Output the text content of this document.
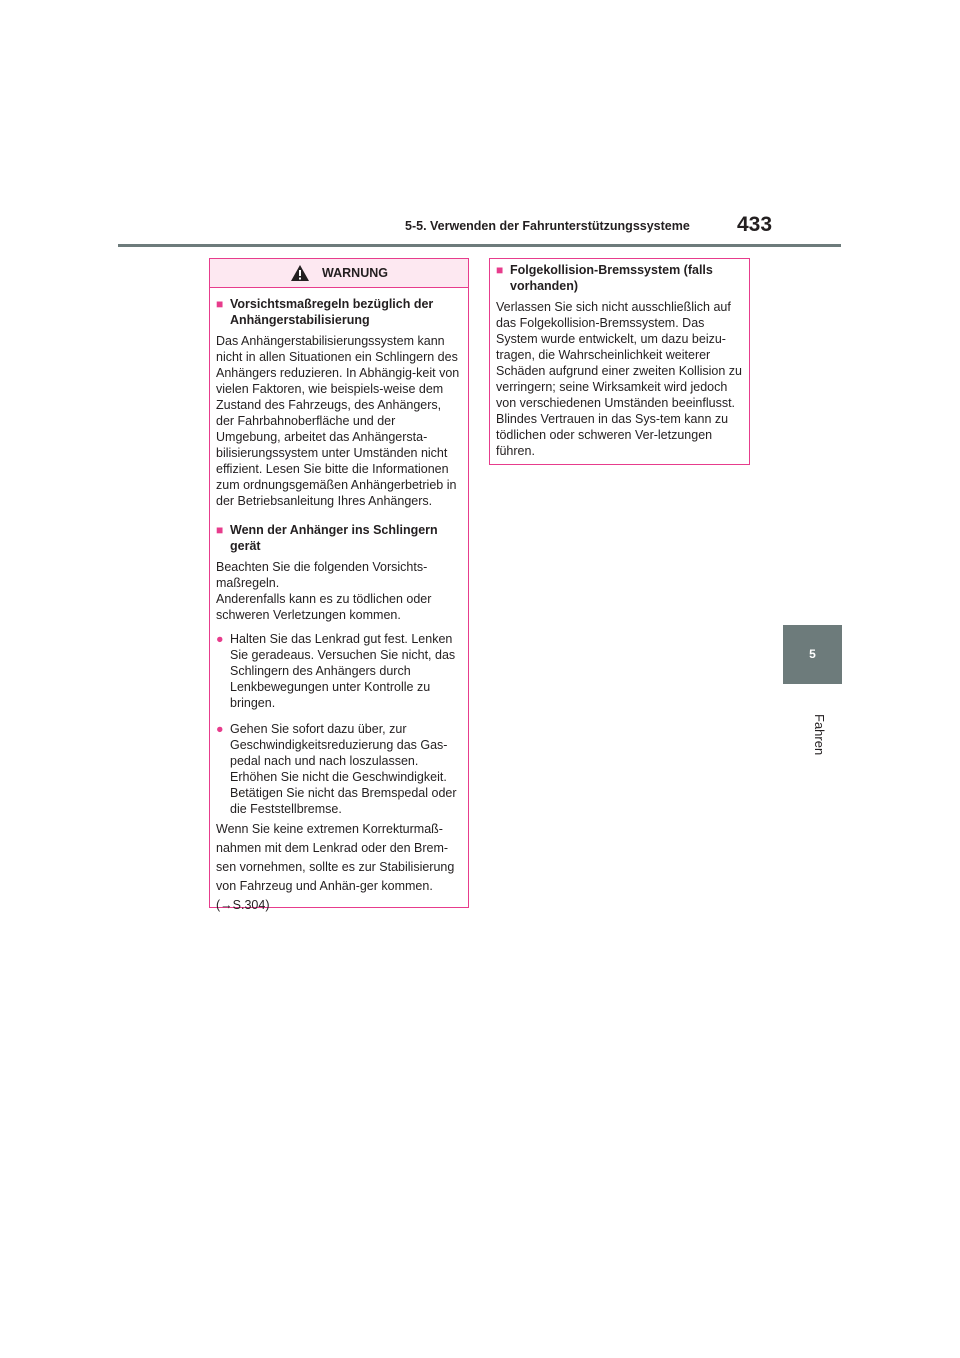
5-5. Verwenden der Fahrunterstützungssysteme 433
5
Fahren
WARNUNG
■ Vorsichtsmaßregeln bezüglich der Anhängerstabilisierung

Das Anhängerstabilisierungssystem kann nicht in allen Situationen ein Schlingern des Anhängers reduzieren. In Abhängig-keit von vielen Faktoren, wie beispiels-weise dem Zustand des Fahrzeugs, des Anhängers, der Fahrbahnoberfläche und der Umgebung, arbeitet das Anhängersta-bilisierungssystem unter Umständen nicht effizient. Lesen Sie bitte die Informationen zum ordnungsgemäßen Anhängerbetrieb in der Betriebsanleitung Ihres Anhängers.

■ Wenn der Anhänger ins Schlingern gerät

Beachten Sie die folgenden Vorsichts-maßregeln.

Anderenfalls kann es zu tödlichen oder schweren Verletzungen kommen.

● Halten Sie das Lenkrad gut fest. Lenken Sie geradeaus. Versuchen Sie nicht, das Schlingern des Anhängers durch Lenkbewegungen unter Kontrolle zu bringen.
● Gehen Sie sofort dazu über, zur Geschwindigkeitsreduzierung das Gas-pedal nach und nach loszulassen. Erhöhen Sie nicht die Geschwindigkeit. Betätigen Sie nicht das Bremspedal oder die Feststellbremse.

Wenn Sie keine extremen Korrekturmaß-nahmen mit dem Lenkrad oder den Brem-sen vornehmen, sollte es zur Stabilisierung von Fahrzeug und Anhän-ger kommen. (→S.304)

■ Folgekollision-Bremssystem (falls vorhanden)

Verlassen Sie sich nicht ausschließlich auf das Folgekollision-Bremssystem. Das System wurde entwickelt, um dazu beizu-tragen, die Wahrscheinlichkeit weiterer Schäden aufgrund einer zweiten Kollision zu verringern; seine Wirksamkeit wird jedoch von verschiedenen Umständen beeinflusst. Blindes Vertrauen in das Sys-tem kann zu tödlichen oder schweren Ver-letzungen führen.
